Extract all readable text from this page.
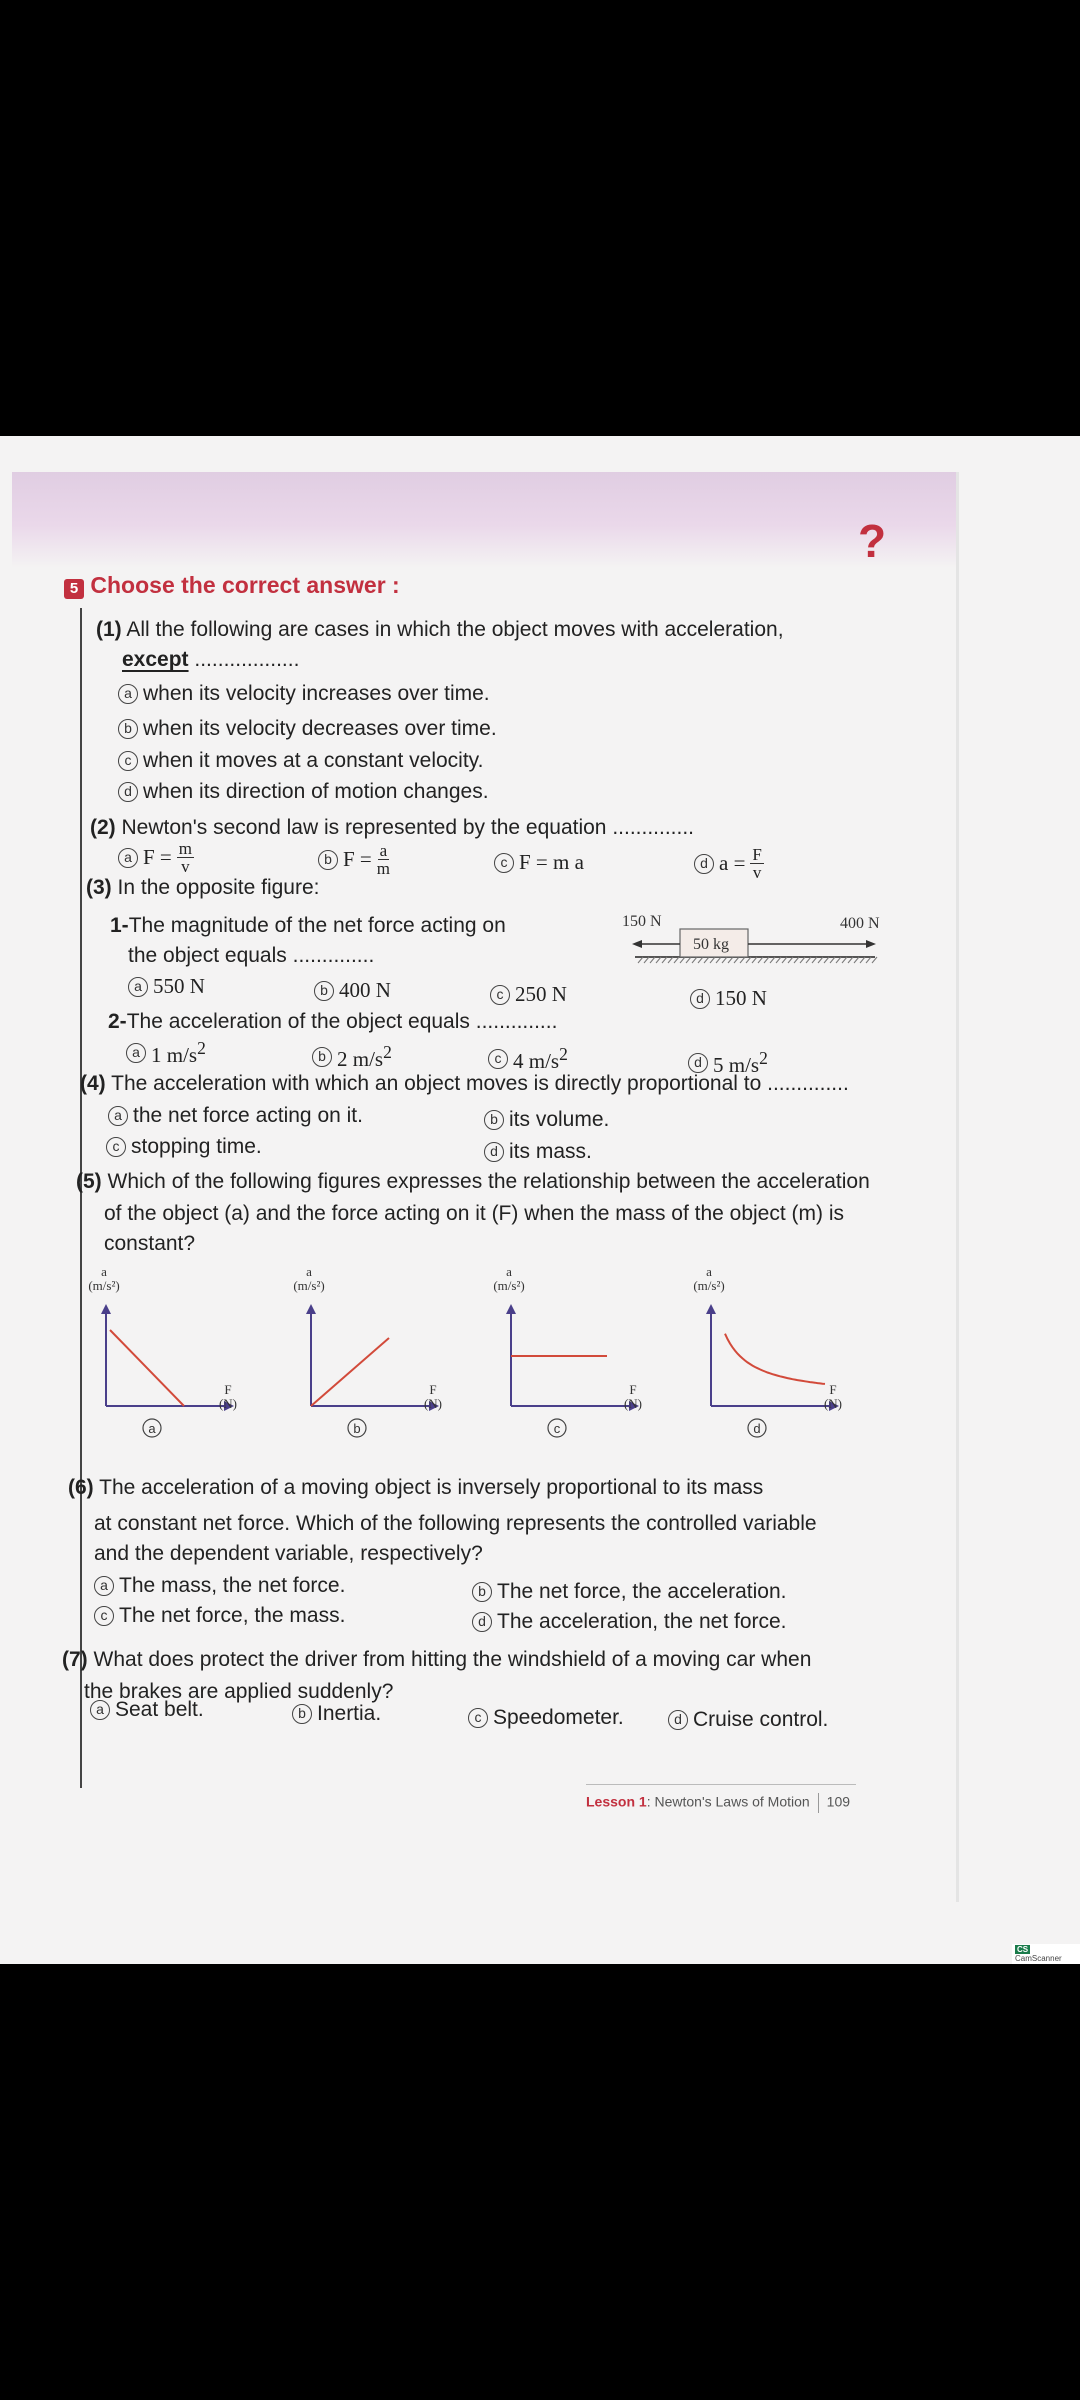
?
5 Choose the correct answer :
(1) All the following are cases in which the object moves with acceleration,
except ..................
a when its velocity increases over time.
b when its velocity decreases over time.
c when it moves at a constant velocity.
d when its direction of motion changes.
(2) Newton's second law is represented by the equation ..............
a $F = \frac{m}{v}$	b $F = \frac{a}{m}$	c F = m a	d $a = \frac{F}{v}$
(3) In the opposite figure:
1-The magnitude of the net force acting on
the object equals ..............
150 N
50 kg
400 N
a 550 N	b 400 N	c 250 N	d 150 N
2-The acceleration of the object equals ..............
a 1 $m/s^2$	b 2 $m/s^2$	c 4 $m/s^2$	d 5 $m/s^2$
(4) The acceleration with which an object moves is directly proportional to ..............
a the net force acting on it.	b its volume.
c stopping time.	d its mass.
(5) Which of the following figures expresses the relationship between the acceleration
of the object (a) and the force acting on it (F) when the mass of the object (m) is
constant?
a
(m/s²)
F
(N)
a
a
(m/s²)
F
(N)
b
a
(m/s²)
F
(N)
c
a
(m/s²)
F
(N)
d
(6) The acceleration of a moving object is inversely proportional to its mass
at constant net force. Which of the following represents the controlled variable
and the dependent variable, respectively?
a The mass, the net force.	b The net force, the acceleration.
c The net force, the mass.	d The acceleration, the net force.
(7) What does protect the driver from hitting the windshield of a moving car when
the brakes are applied suddenly?
a Seat belt.	b Inertia.	c Speedometer.	d Cruise control.
Lesson 1: Newton's Laws of Motion 109
CSCamScanner
